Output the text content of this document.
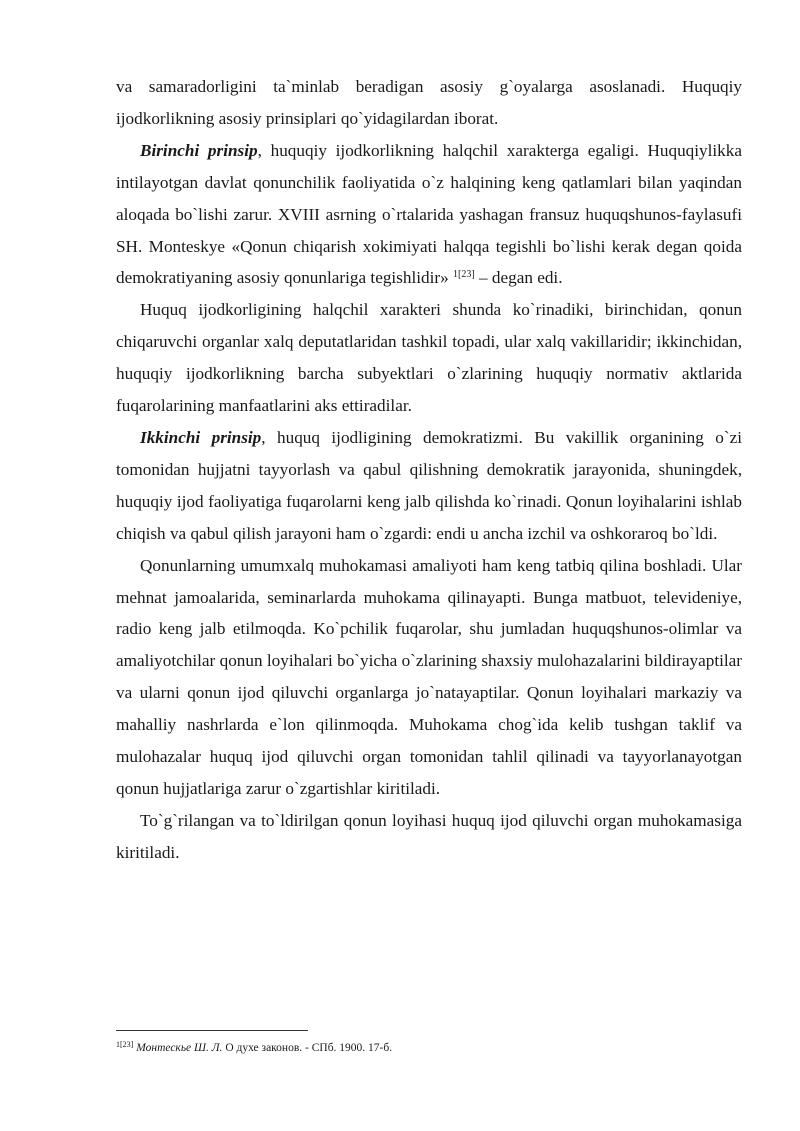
va samaradorligini ta`minlab beradigan asosiy g`oyalarga asoslanadi. Huquqiy ijodkorlikning asosiy prinsiplari qo`yidagilardan iborat.

Birinchi prinsip, huquqiy ijodkorlikning halqchil xarakterga egaligi. Huquqiylikka intilayotgan davlat qonunchilik faoliyatida o`z halqining keng qatlamlari bilan yaqindan aloqada bo`lishi zarur. XVIII asrning o`rtalarida yashagan fransuz huquqshunos-faylasufi SH. Monteskye «Qonun chiqarish xokimiyati halqqa tegishli bo`lishi kerak degan qoida demokratiyaning asosiy qonunlariga tegishlidir» $^{1[23]}$ – degan edi.

Huquq ijodkorligining halqchil xarakteri shunda ko`rinadiki, birinchidan, qonun chiqaruvchi organlar xalq deputatlaridan tashkil topadi, ular xalq vakillaridir; ikkinchidan, huquqiy ijodkorlikning barcha subyektlari o`zlarining huquqiy normativ aktlarida fuqarolarining manfaatlarini aks ettiradilar.

Ikkinchi prinsip, huquq ijodligining demokratizmi. Bu vakillik organining o`zi tomonidan hujjatni tayyorlash va qabul qilishning demokratik jarayonida, shuningdek, huquqiy ijod faoliyatiga fuqarolarni keng jalb qilishda ko`rinadi. Qonun loyihalarini ishlab chiqish va qabul qilish jarayoni ham o`zgardi: endi u ancha izchil va oshkoraroq bo`ldi.

Qonunlarning umumxalq muhokamasi amaliyoti ham keng tatbiq qilina boshladi. Ular mehnat jamoalarida, seminarlarda muhokama qilinayapti. Bunga matbuot, televideniye, radio keng jalb etilmoqda. Ko`pchilik fuqarolar, shu jumladan huquqshunos-olimlar va amaliyotchilar qonun loyihalari bo`yicha o`zlarining shaxsiy mulohazalarini bildirayaptilar va ularni qonun ijod qiluvchi organlarga jo`natayaptilar. Qonun loyihalari markaziy va mahalliy nashrlarda e`lon qilinmoqda. Muhokama chog`ida kelib tushgan taklif va mulohazalar huquq ijod qiluvchi organ tomonidan tahlil qilinadi va tayyorlanayotgan qonun hujjatlariga zarur o`zgartishlar kiritiladi.

To`g`rilangan va to`ldirilgan qonun loyihasi huquq ijod qiluvchi organ muhokamasiga kiritiladi.

$^{1[23]}$ Монтескье Ш. Л. О духе законов. - СПб. 1900. 17-б.
